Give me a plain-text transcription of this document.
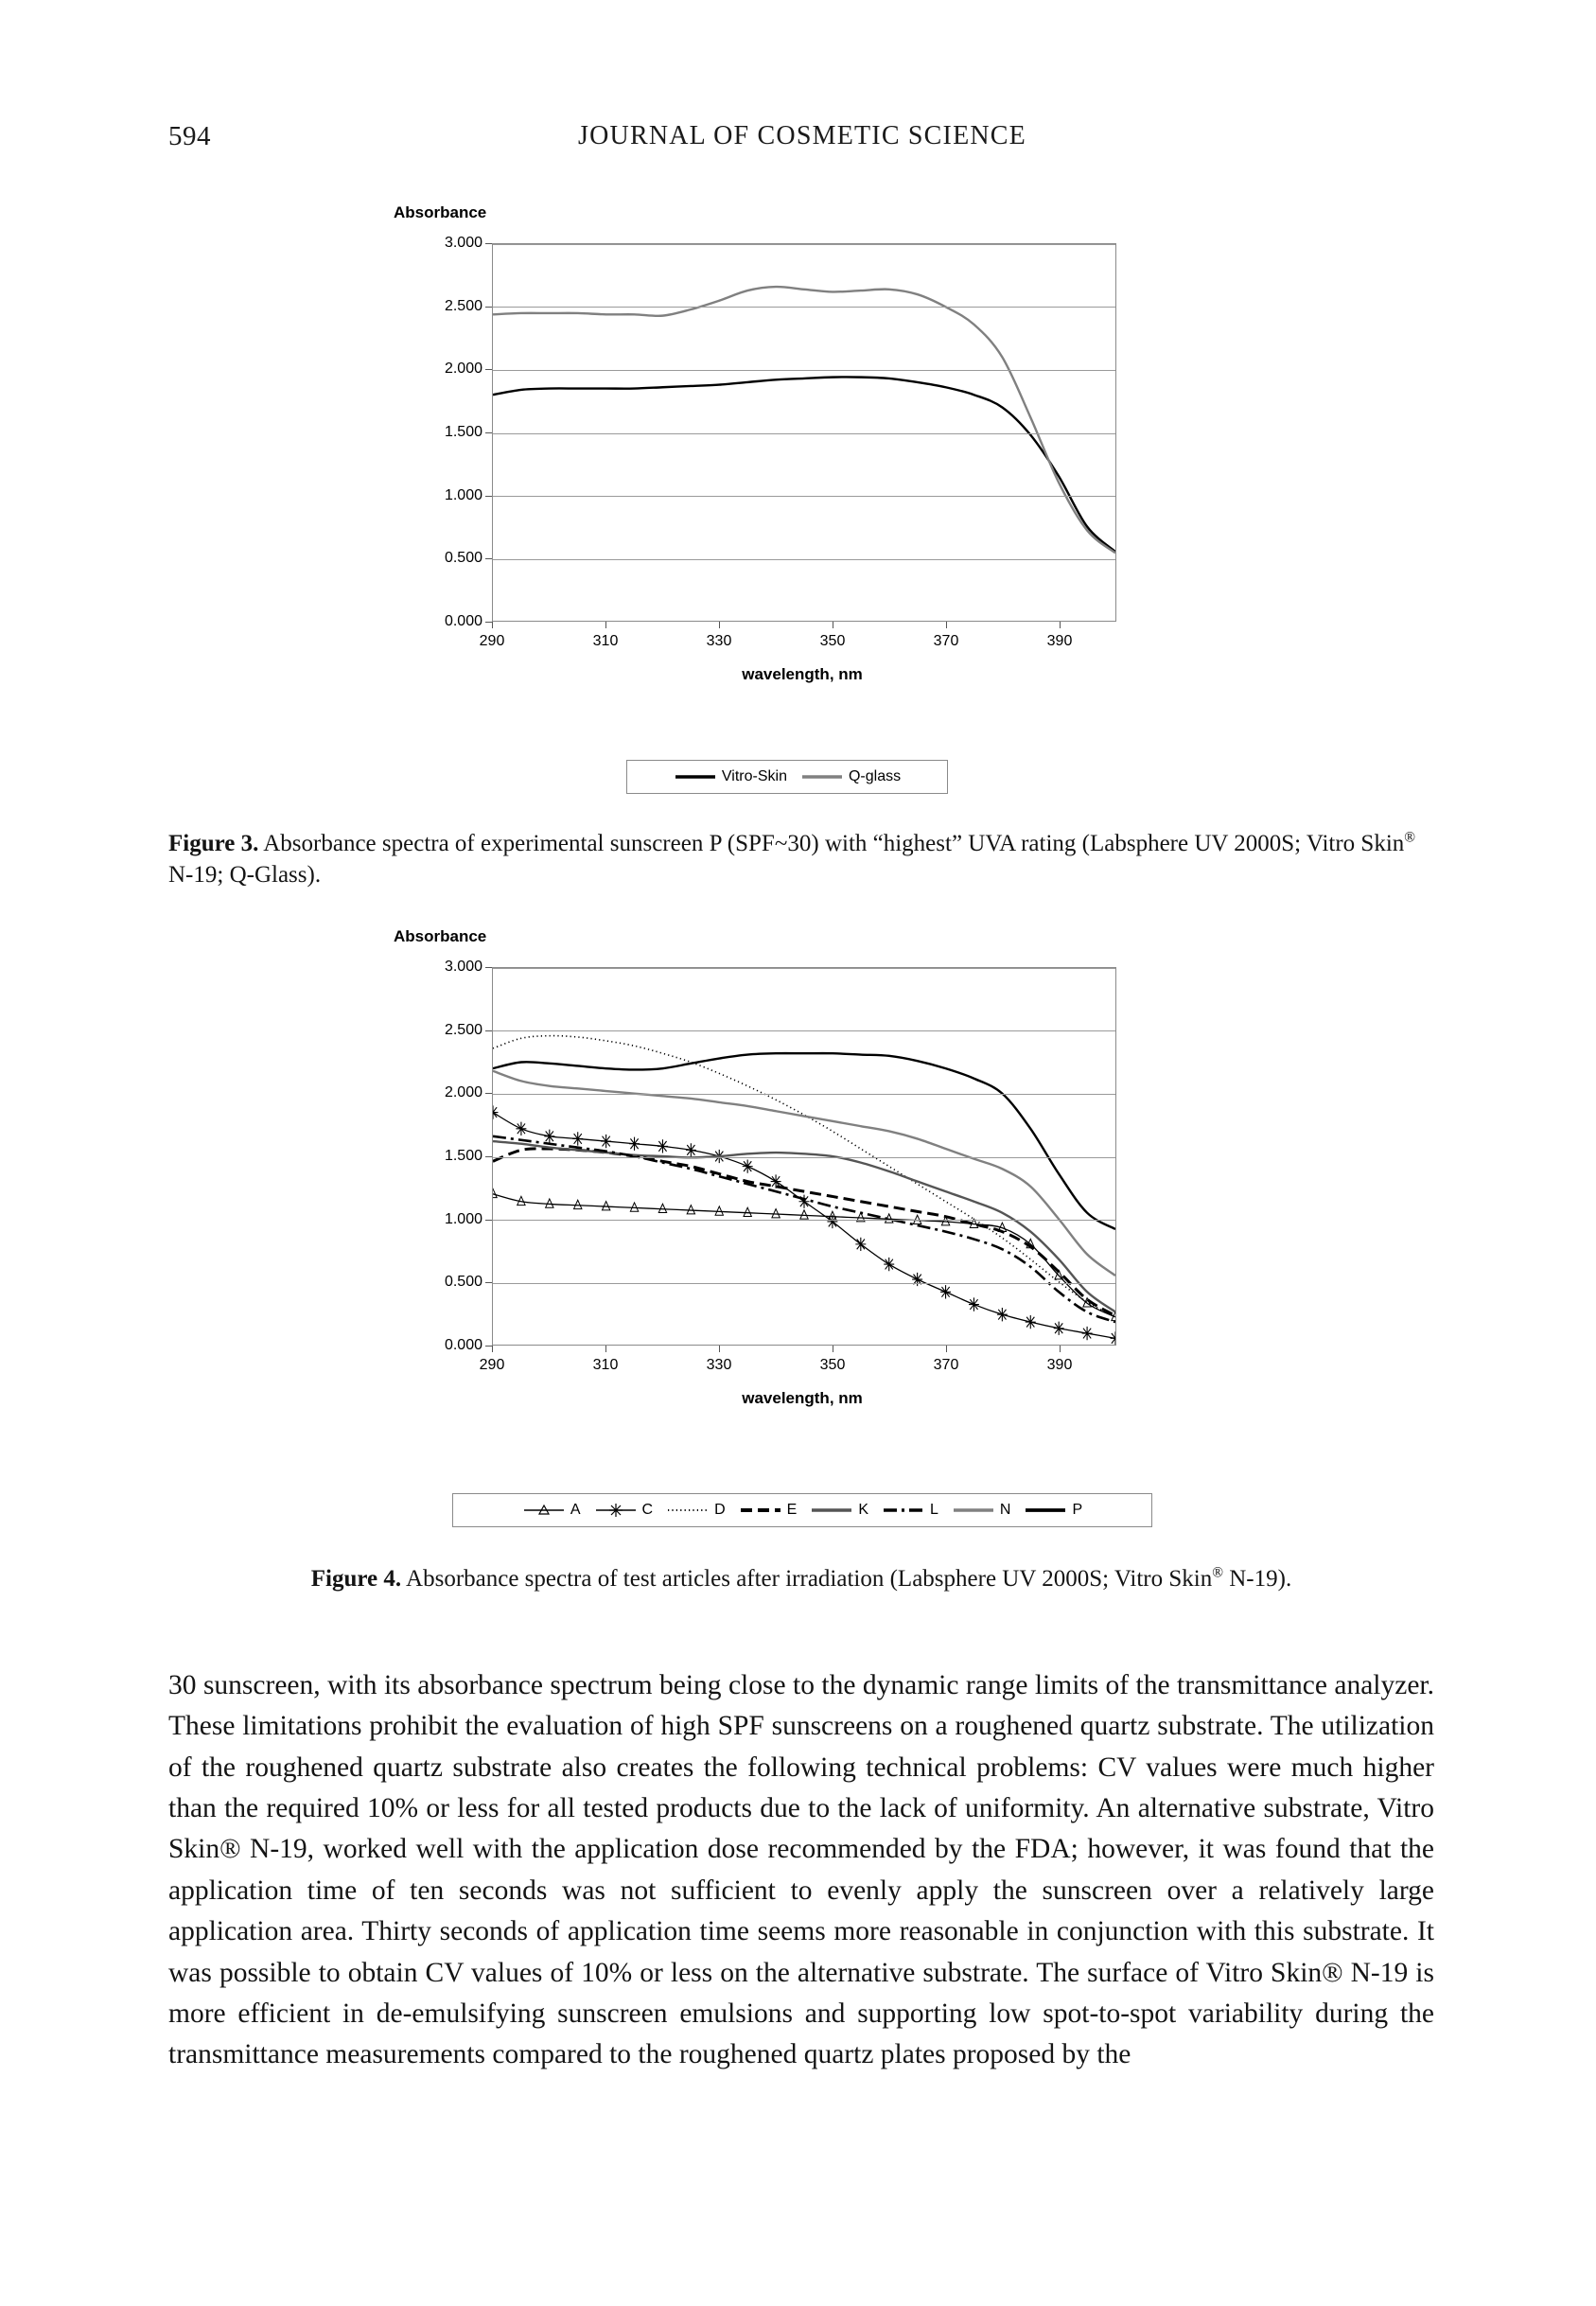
594	JOURNAL OF COSMETIC SCIENCE
Absorbance
wavelength, nm
0.000
0.500
1.000
1.500
2.000
2.500
3.000
290	310	330	350	370	390
Vitro-Skin	Q-glass
Figure 3. Absorbance spectra of experimental sunscreen P (SPF~30) with “highest” UVA rating (Labsphere UV 2000S; Vitro Skin® N-19; Q-Glass).
Absorbance
wavelength, nm
0.000
0.500
1.000
1.500
2.000
2.500
3.000
290	310	330	350	370	390
A	C	D	E	K	L	N	P
Figure 4. Absorbance spectra of test articles after irradiation (Labsphere UV 2000S; Vitro Skin® N-19).

30 sunscreen, with its absorbance spectrum being close to the dynamic range limits of the transmittance analyzer. These limitations prohibit the evaluation of high SPF sunscreens on a roughened quartz substrate. The utilization of the roughened quartz substrate also creates the following technical problems: CV values were much higher than the required 10% or less for all tested products due to the lack of uniformity. An alternative substrate, Vitro Skin® N-19, worked well with the application dose recommended by the FDA; however, it was found that the application time of ten seconds was not sufficient to evenly apply the sunscreen over a relatively large application area. Thirty seconds of application time seems more reasonable in conjunction with this substrate. It was possible to obtain CV values of 10% or less on the alternative substrate. The surface of Vitro Skin® N-19 is more efficient in de-emulsifying sunscreen emulsions and supporting low spot-to-spot variability during the transmittance measurements compared to the roughened quartz plates proposed by the
